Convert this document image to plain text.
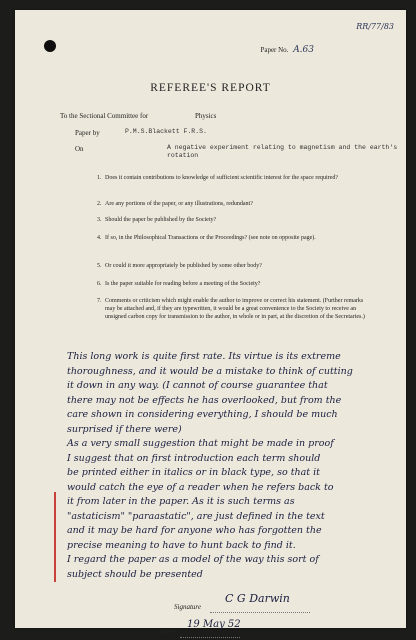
RR/77/83
Paper No. A.63
REFEREE'S REPORT
To the Sectional Committee for	Physics
Paper by	P.M.S.Blackett F.R.S.
On	A negative experiment relating to magnetism and the earth's
rotation
1. Does it contain contributions to knowledge of sufficient scientific interest for the space required?
2. Are any portions of the paper, or any illustrations, redundant?
3. Should the paper be published by the Society?
4. If so, in the Philosophical Transactions or the Proceedings? (see note on opposite page).
5. Or could it more appropriately be published by some other body?
6. Is the paper suitable for reading before a meeting of the Society?
7. Comments or criticism which might enable the author to improve or correct his statement. (Further remarks may be attached and, if they are typewritten, it would be a great convenience to the Society to receive an unsigned carbon copy for transmission to the author, in whole or in part, at the discretion of the Secretaries.)
This long work is quite first rate. Its virtue is its extreme
thoroughness, and it would be a mistake to think of cutting
it down in any way. (I cannot of course guarantee that
there may not be effects he has overlooked, but from the
care shown in considering everything, I should be much
surprised if there were)
As a very small suggestion that might be made in proof
I suggest that on first introduction each term should
be printed either in italics or in black type, so that it
would catch the eye of a reader when he refers back to
it from later in the paper. As it is such terms as
"astaticism" "paraastatic", are just defined in the text
and it may be hard for anyone who has forgotten the
precise meaning to have to hunt back to find it.
I regard the paper as a model of the way this sort of
subject should be presented
Signature
C G Darwin
Date
19 May 52
